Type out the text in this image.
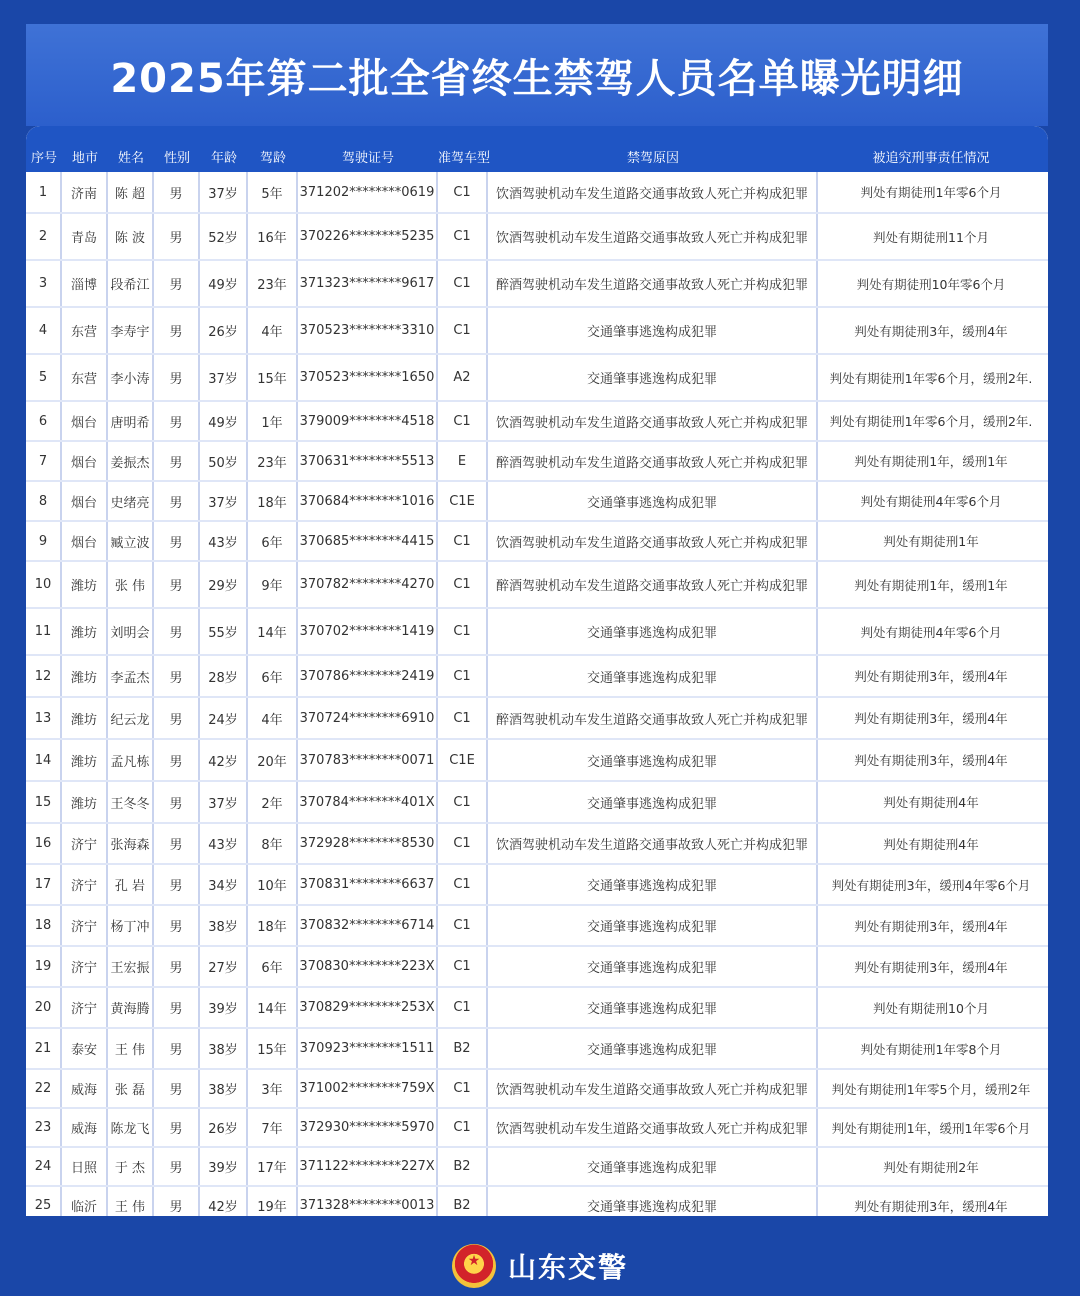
2025年第二批全省终生禁驾人员名单曝光明细
序号	地市	姓名	性别	年龄	驾龄	驾驶证号	准驾车型	禁驾原因	被追究刑事责任情况
1	济南	陈 超	男	37岁	5年	371202********0619	C1	饮酒驾驶机动车发生道路交通事故致人死亡并构成犯罪	判处有期徒刑1年零6个月
2	青岛	陈 波	男	52岁	16年 370226********5235	C1	饮酒驾驶机动车发生道路交通事故致人死亡并构成犯罪	判处有期徒刑11个月
3	淄博	段希江	男	49岁	23年 371323********9617	C1	醉酒驾驶机动车发生道路交通事故致人死亡并构成犯罪	判处有期徒刑10年零6个月
4	东营	李寿宇	男	26岁	4年	370523********3310	C1	交通肇事逃逸构成犯罪	判处有期徒刑3年，缓刑4年
5	东营	李小涛	男	37岁	15年 370523********1650	A2	交通肇事逃逸构成犯罪	判处有期徒刑1年零6个月，缓刑2年.
6	烟台	唐明希	男	49岁	1年	379009********4518	C1	饮酒驾驶机动车发生道路交通事故致人死亡并构成犯罪	判处有期徒刑1年零6个月，缓刑2年.
7	烟台	姜振杰	男	50岁	23年 370631********5513	E	醉酒驾驶机动车发生道路交通事故致人死亡并构成犯罪	判处有期徒刑1年，缓刑1年
8	烟台	史绪亮	男	37岁	18年 370684********1016	C1E	交通肇事逃逸构成犯罪	判处有期徒刑4年零6个月
9	烟台	臧立波	男	43岁	6年	370685********4415	C1	饮酒驾驶机动车发生道路交通事故致人死亡并构成犯罪	判处有期徒刑1年
10	潍坊	张 伟	男	29岁	9年	370782********4270	C1	醉酒驾驶机动车发生道路交通事故致人死亡并构成犯罪	判处有期徒刑1年，缓刑1年
11	潍坊	刘明会	男	55岁	14年 370702********1419	C1	交通肇事逃逸构成犯罪	判处有期徒刑4年零6个月
12	潍坊	李孟杰	男	28岁	6年	370786********2419	C1	交通肇事逃逸构成犯罪	判处有期徒刑3年，缓刑4年
13	潍坊	纪云龙	男	24岁	4年	370724********6910	C1	醉酒驾驶机动车发生道路交通事故致人死亡并构成犯罪	判处有期徒刑3年，缓刑4年
14	潍坊	孟凡栋	男	42岁	20年 370783********0071	C1E	交通肇事逃逸构成犯罪	判处有期徒刑3年，缓刑4年
15	潍坊	王冬冬	男	37岁	2年	370784********401X	C1	交通肇事逃逸构成犯罪	判处有期徒刑4年
16	济宁	张海森	男	43岁	8年	372928********8530	C1	饮酒驾驶机动车发生道路交通事故致人死亡并构成犯罪	判处有期徒刑4年
17	济宁	孔 岩	男	34岁	10年 370831********6637	C1	交通肇事逃逸构成犯罪	判处有期徒刑3年，缓刑4年零6个月
18	济宁	杨丁冲	男	38岁	18年 370832********6714	C1	交通肇事逃逸构成犯罪	判处有期徒刑3年，缓刑4年
19	济宁	王宏振	男	27岁	6年	370830********223X	C1	交通肇事逃逸构成犯罪	判处有期徒刑3年，缓刑4年
20	济宁	黄海腾	男	39岁	14年 370829********253X	C1	交通肇事逃逸构成犯罪	判处有期徒刑10个月
21	泰安	王 伟	男	38岁	15年 370923********1511	B2	交通肇事逃逸构成犯罪	判处有期徒刑1年零8个月
22	威海	张 磊	男	38岁	3年	371002********759X	C1	饮酒驾驶机动车发生道路交通事故致人死亡并构成犯罪	判处有期徒刑1年零5个月，缓刑2年
23	威海	陈龙飞	男	26岁	7年	372930********5970	C1	饮酒驾驶机动车发生道路交通事故致人死亡并构成犯罪	判处有期徒刑1年，缓刑1年零6个月
24	日照	于 杰	男	39岁	17年 371122********227X	B2	交通肇事逃逸构成犯罪	判处有期徒刑2年
25	临沂	王 伟	男	42岁	19年 371328********0013	B2	交通肇事逃逸构成犯罪	判处有期徒刑3年，缓刑4年
★
山东交警
